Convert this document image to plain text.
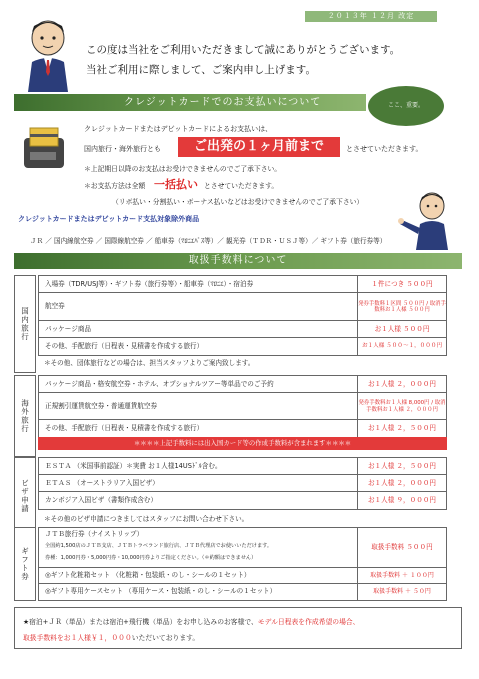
２０１３年 １２月 改定
この度は当社をご利用いただきまして誠にありがとうございます。
当社ご利用に際しまして、ご案内申し上げます。
クレジットカードでのお支払いについて	ここ、重要。
クレジットカードまたはデビットカードによるお支払いは、
国内旅行・海外旅行とも	ご出発の１ヶ月前まで	とさせていただきます。
＊上記期日以降のお支払はお受けできませんのでご了承下さい。
＊お支払方法は全額 一括払い とさせていただきます。
（リボ払い・分割払い・ボーナス払いなどはお受けできませんのでご了承下さい）
クレジットカードまたはデビットカード支払対象除外商品
ＪＲ ／ 国内線航空券 ／ 国際線航空券 ／ 船車券（ﾏﾛﾆｴﾊﾟｽ等）／ 観光券（ＴＤＲ・ＵＳＪ等）／ ギフト券（旅行券等）
取扱手数料について
国内旅行
入場券（TDR/USJ等）・ギフト券（旅行券等）・船車券（ﾏﾛﾆｴ）・宿泊券	１件につき ５００円
航空券	発券手数料１区間 ５００円 / 取消手数料お１人様 ５００円
パッケージ商品	お１人様 ５００円
その他、手配旅行（日程表・見積書を作成する旅行）	お１人様 ５００～１，０００円
＊その他、団体旅行などの場合は、担当スタッフよりご案内致します。
海外旅行
パッケージ商品・格安航空券・ホテル、オプショナルツアー等単品でのご予約	お１人様 ２，０００円
正規割引運賃航空券・普通運賃航空券	発券手数料お１人様 8,000円 / 取消手数料お１人様 ２，０００円
その他、手配旅行（日程表・見積書を作成する旅行）	お１人様 ２，５００円
＊＊＊＊上記手数料には出入国カード等の作成手数料が含まれます＊＊＊＊
ビザ申請
ＥＳＴＡ （米国事前認証）＊実費 お１人様14USﾄﾞﾙ含む。	お１人様 ２，５００円
ＥＴＡＳ （オーストラリア入国ビザ）	お１人様 ２，０００円
カンボジア入国ビザ（書類作成含む）	お１人様 ９，０００円
＊その他のビザ申請につきましてはスタッフにお問い合わせ下さい。
ギフト券
ＪＴＢ旅行券（ナイストリップ）
全国約1,500店のＪＴＢ支店、ＪＴＢトラベランド旅行店、ＪＴＢ代理店でお使いいただけます。
券種：1,000円券・5,000円券・10,000円券よりご指定ください。（＊約額はできません）
取扱手数料 ５００円
◎ギフト化粧箱セット （化粧箱・包装紙・のし・シールの１セット）	取扱手数料 ＋ １００円
◎ギフト専用ケースセット （専用ケース・包装紙・のし・シールの１セット）	取扱手数料 ＋ ５０円
★宿泊+ＪＲ（単品）または宿泊+飛行機（単品）をお申し込みのお客様で、モデル日程表を作成希望の場合、
取扱手数料をお１人様￥１，０００いただいております。
